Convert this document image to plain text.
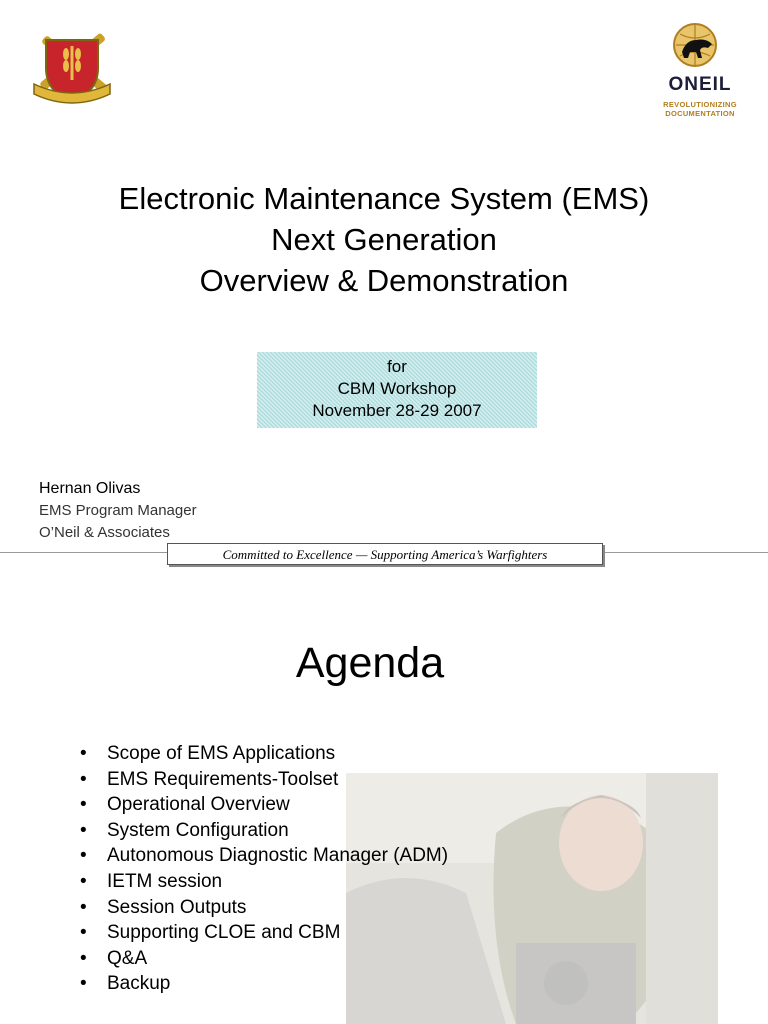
ONEIL
REVOLUTIONIZING
DOCUMENTATION
Electronic Maintenance System (EMS)
Next Generation
Overview & Demonstration
for
CBM Workshop
November 28-29 2007
Hernan Olivas
EMS Program Manager
O’Neil & Associates
Committed to Excellence — Supporting America’s Warfighters
Agenda
• Scope of EMS Applications
• EMS Requirements-Toolset
• Operational Overview
• System Configuration
• Autonomous Diagnostic Manager (ADM)
• IETM session
• Session Outputs
• Supporting CLOE and CBM
• Q&A
• Backup
